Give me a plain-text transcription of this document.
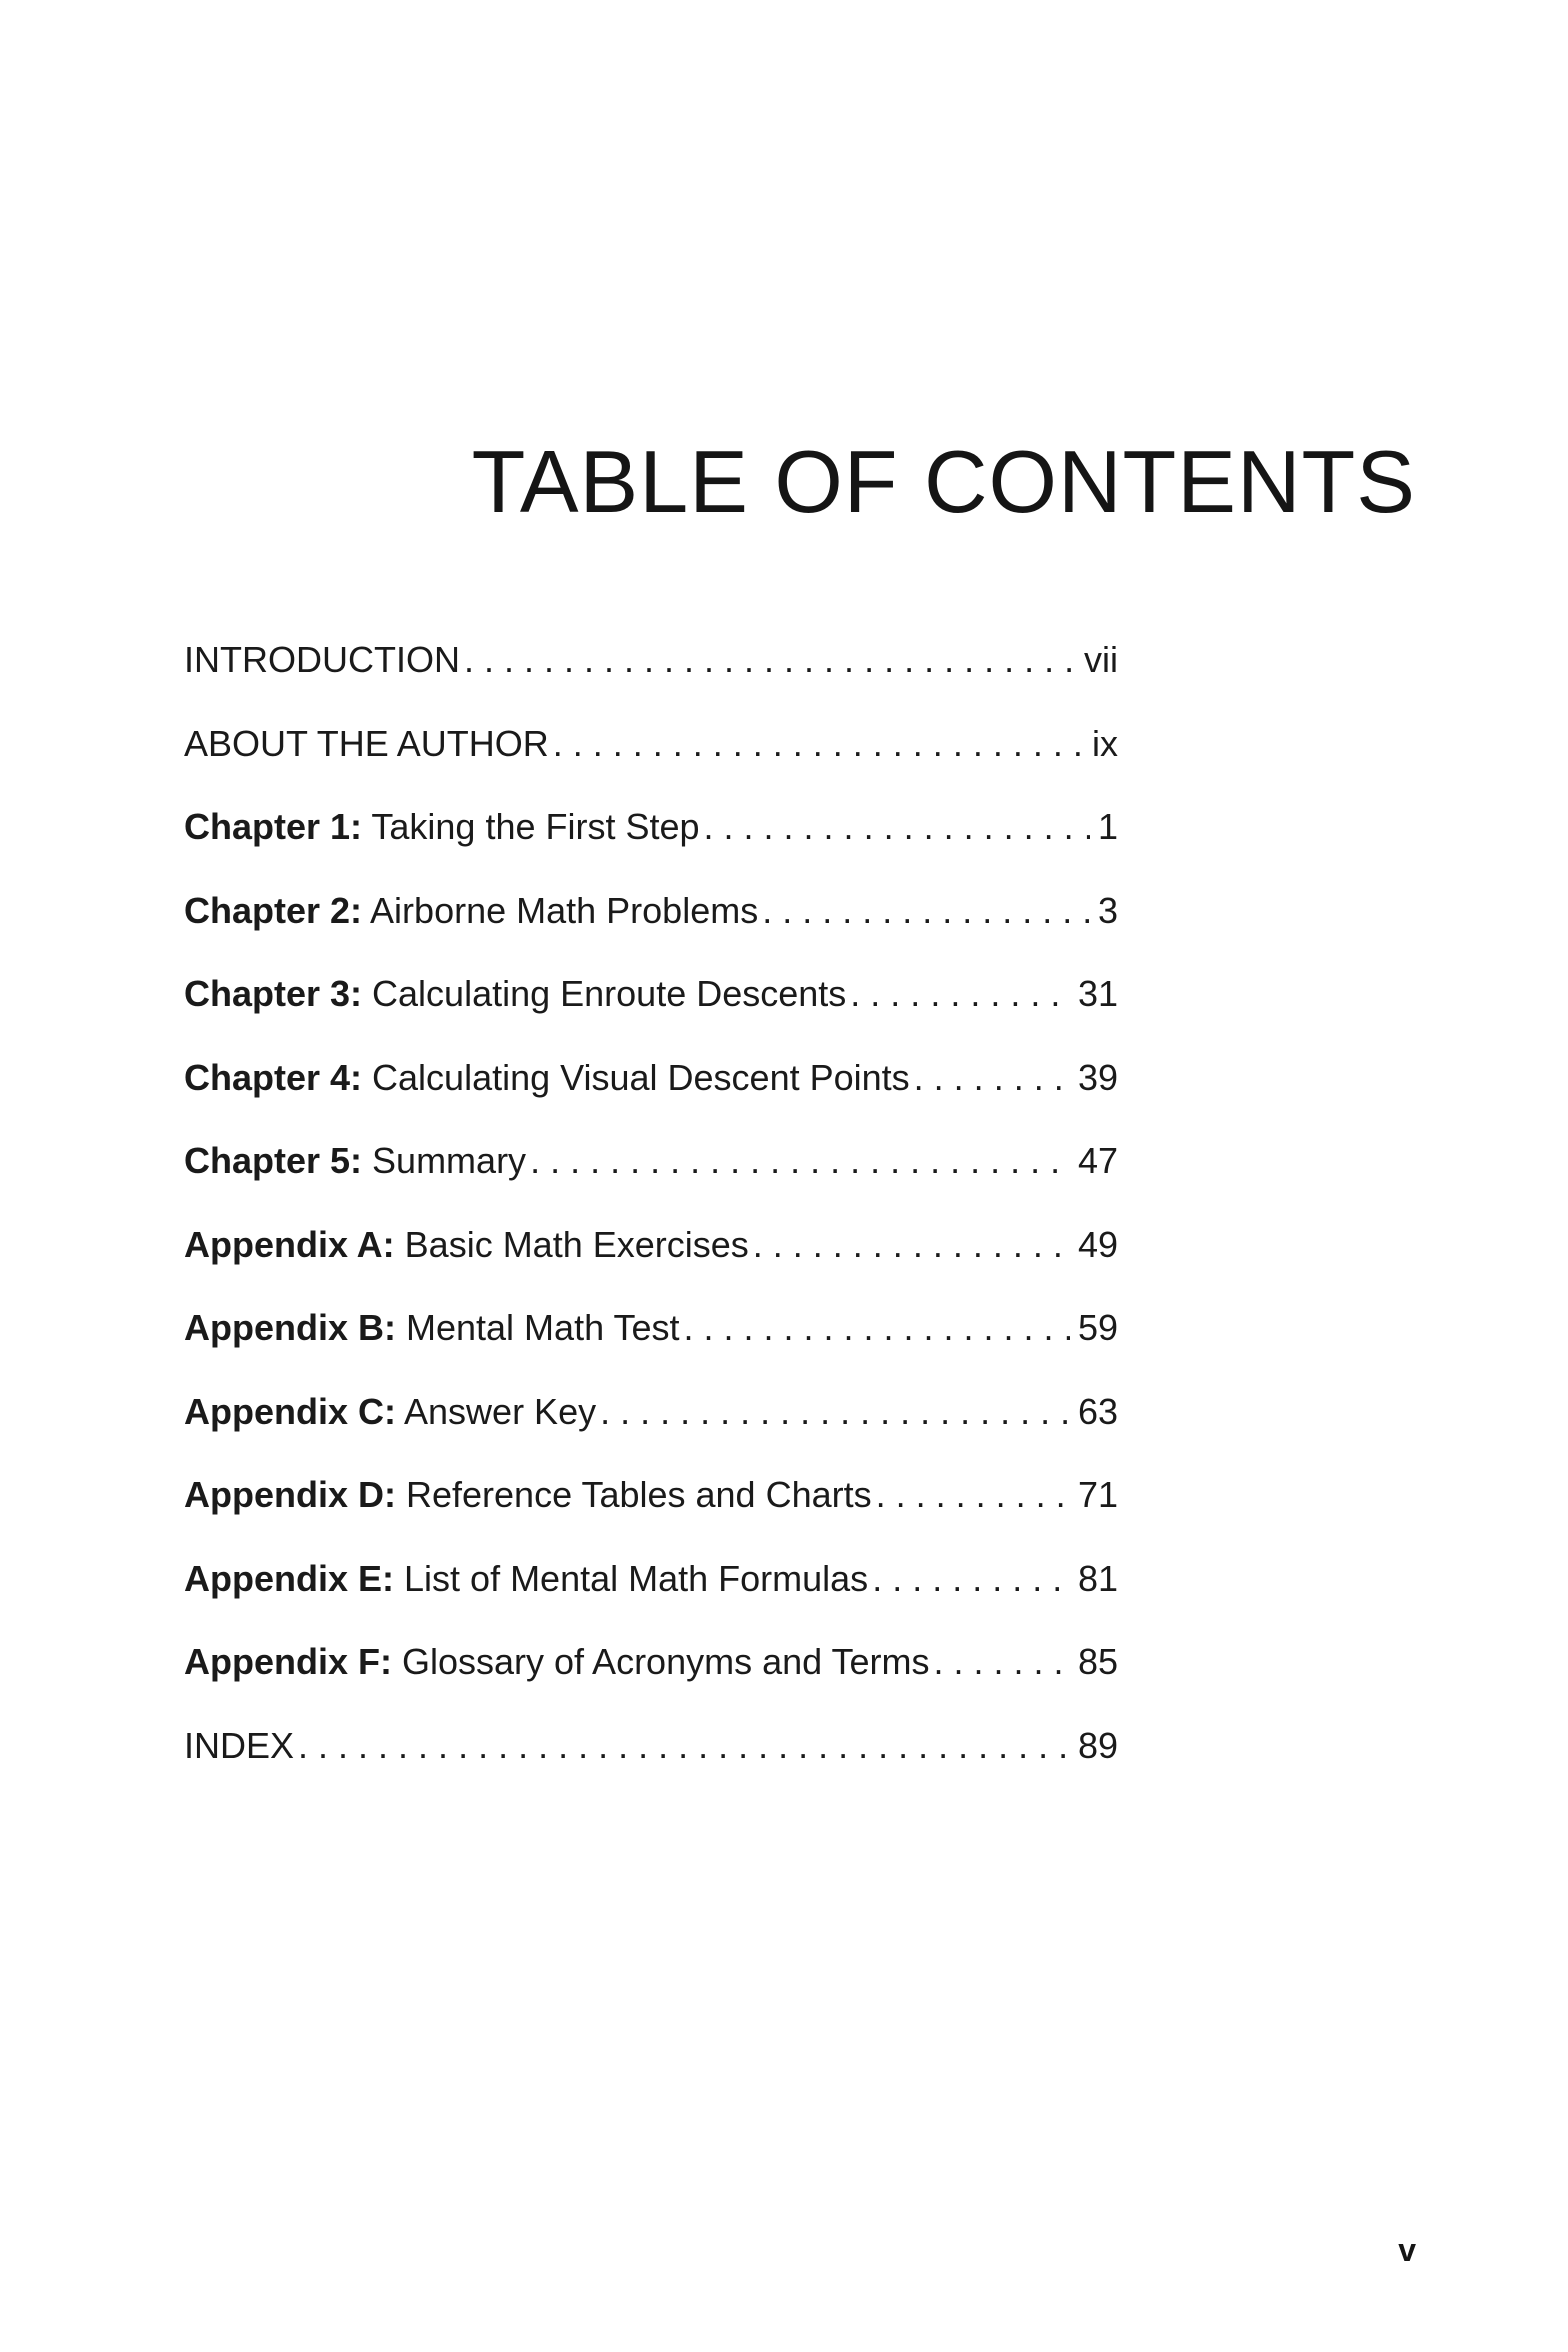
TABLE OF CONTENTS
INTRODUCTION . . .	vii
ABOUT THE AUTHOR . . .	ix
Chapter 1: Taking the First Step . . .	1
Chapter 2: Airborne Math Problems . . .	3
Chapter 3: Calculating Enroute Descents . . .	31
Chapter 4: Calculating Visual Descent Points . . .	39
Chapter 5: Summary . . .	47
Appendix A: Basic Math Exercises . . .	49
Appendix B: Mental Math Test . . .	59
Appendix C: Answer Key . . .	63
Appendix D: Reference Tables and Charts . . .	71
Appendix E: List of Mental Math Formulas . . .	81
Appendix F: Glossary of Acronyms and Terms . . .	85
INDEX . . .	89
v
